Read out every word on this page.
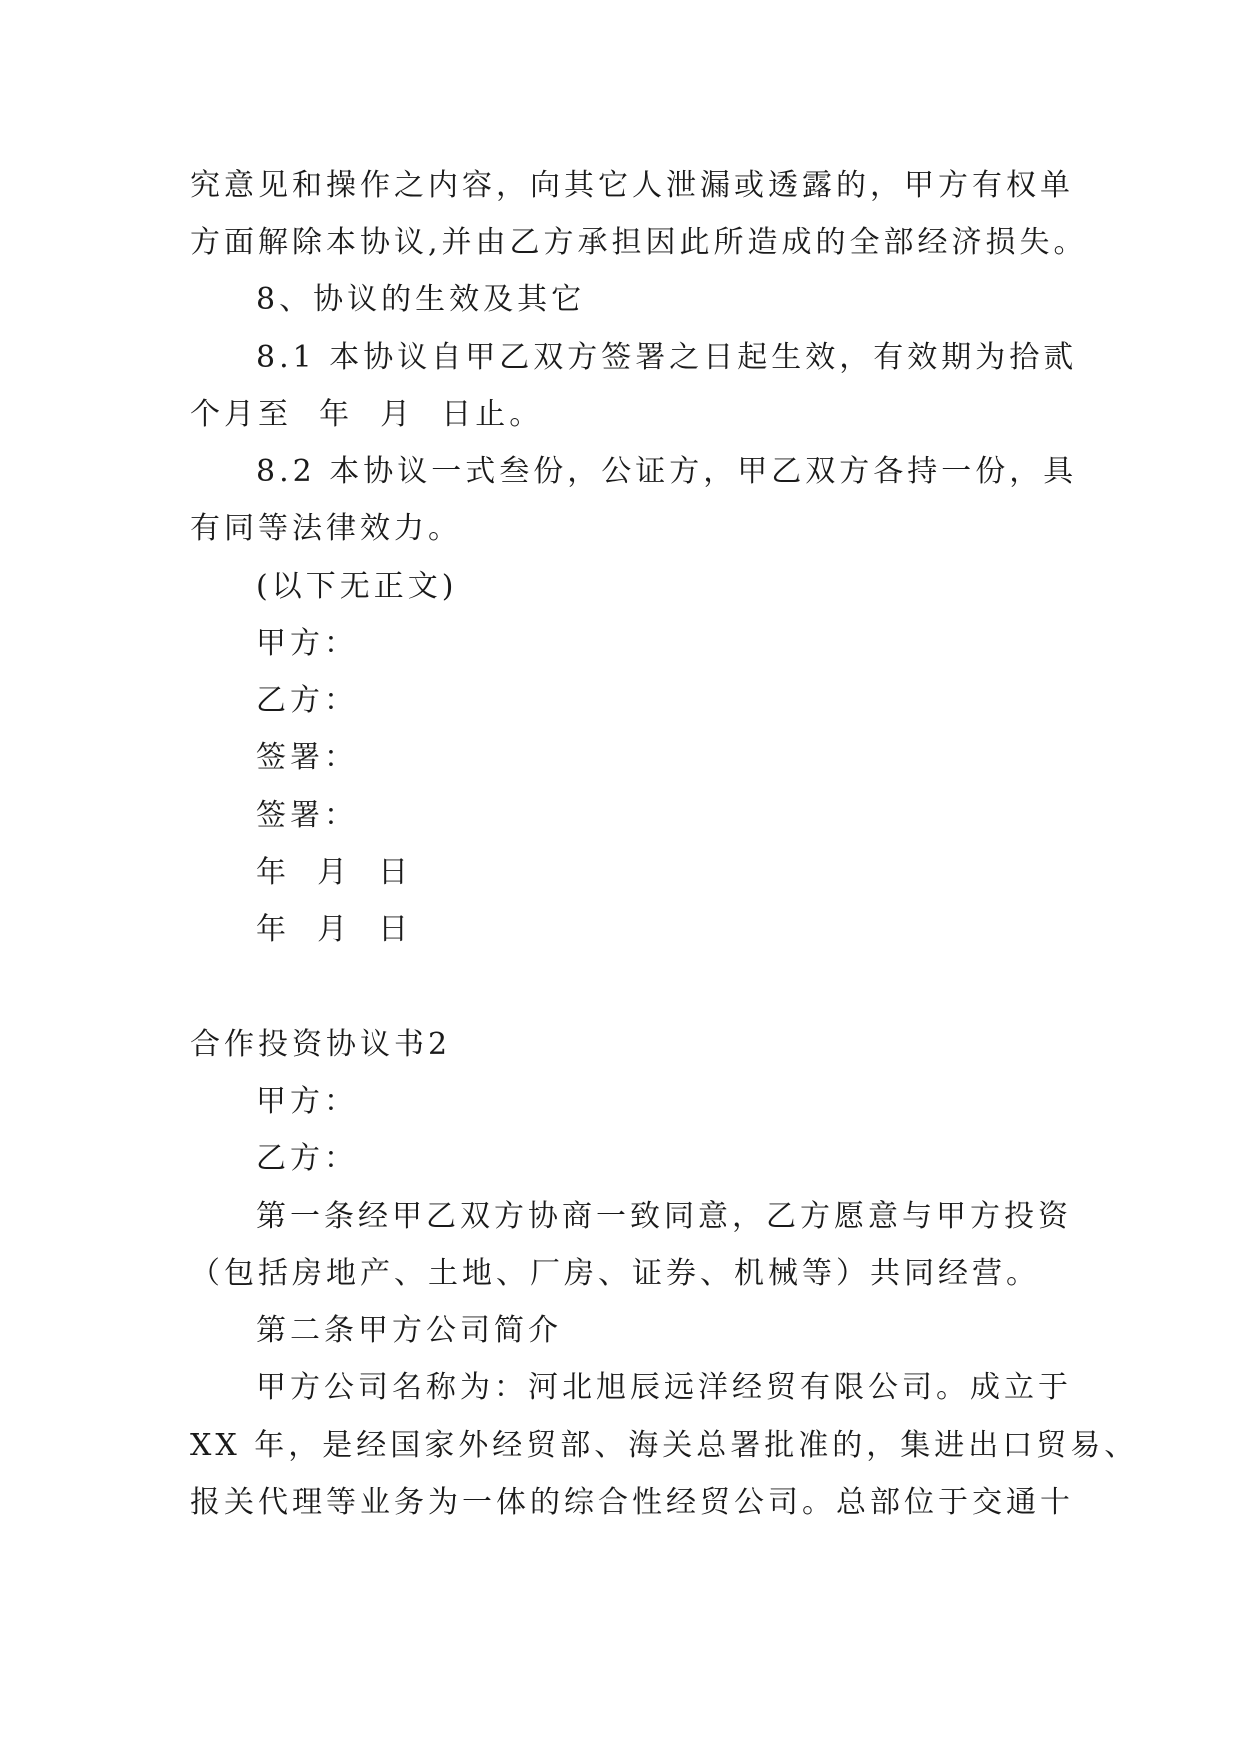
究意见和操作之内容，向其它人泄漏或透露的，甲方有权单
方面解除本协议,并由乙方承担因此所造成的全部经济损失。
8、协议的生效及其它
8.1 本协议自甲乙双方签署之日起生效，有效期为拾贰
个月至  年  月  日止。
8.2 本协议一式叁份，公证方，甲乙双方各持一份，具
有同等法律效力。
(以下无正文)
甲方：
乙方：
签署：
签署：
年  月  日
年  月  日
合作投资协议书2
甲方：
乙方：
第一条经甲乙双方协商一致同意，乙方愿意与甲方投资
（包括房地产、土地、厂房、证券、机械等）共同经营。
第二条甲方公司简介
甲方公司名称为：河北旭辰远洋经贸有限公司。成立于
XX 年，是经国家外经贸部、海关总署批准的，集进出口贸易、
报关代理等业务为一体的综合性经贸公司。总部位于交通十
